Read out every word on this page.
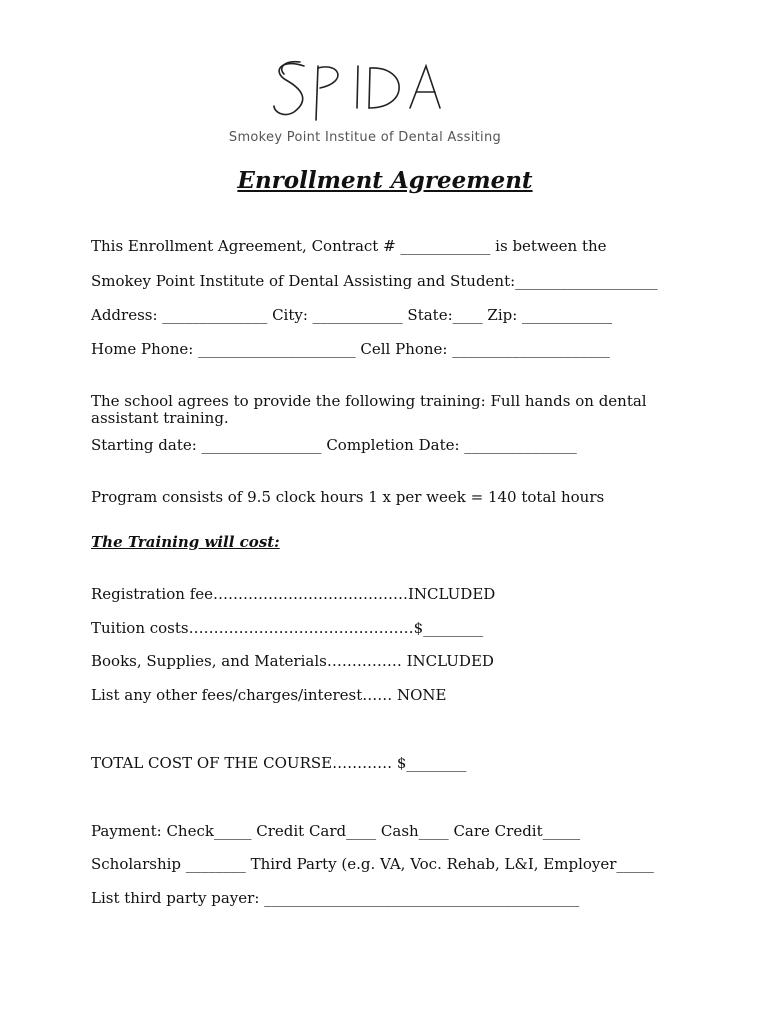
Smokey Point Institue of Dental Assiting
Enrollment Agreement
This Enrollment Agreement, Contract # ____________ is between the
Smokey Point Institute of Dental Assisting and Student:___________________
Address: ______________ City: ____________ State:____ Zip: ____________
Home Phone: _____________________ Cell Phone: _____________________
The school agrees to provide the following training: Full hands on dental assistant training.
Starting date: ________________ Completion Date: _______________
Program consists of 9.5 clock hours 1 x per week = 140 total hours
The Training will cost:
Registration fee…………………………………INCLUDED
Tuition costs………………………………………$________
Books, Supplies, and Materials…………… INCLUDED
List any other fees/charges/interest…… NONE
TOTAL COST OF THE COURSE………… $________
Payment: Check_____ Credit Card____ Cash____ Care Credit_____
Scholarship ________ Third Party (e.g. VA, Voc. Rehab, L&I, Employer_____
List third party payer: __________________________________________
